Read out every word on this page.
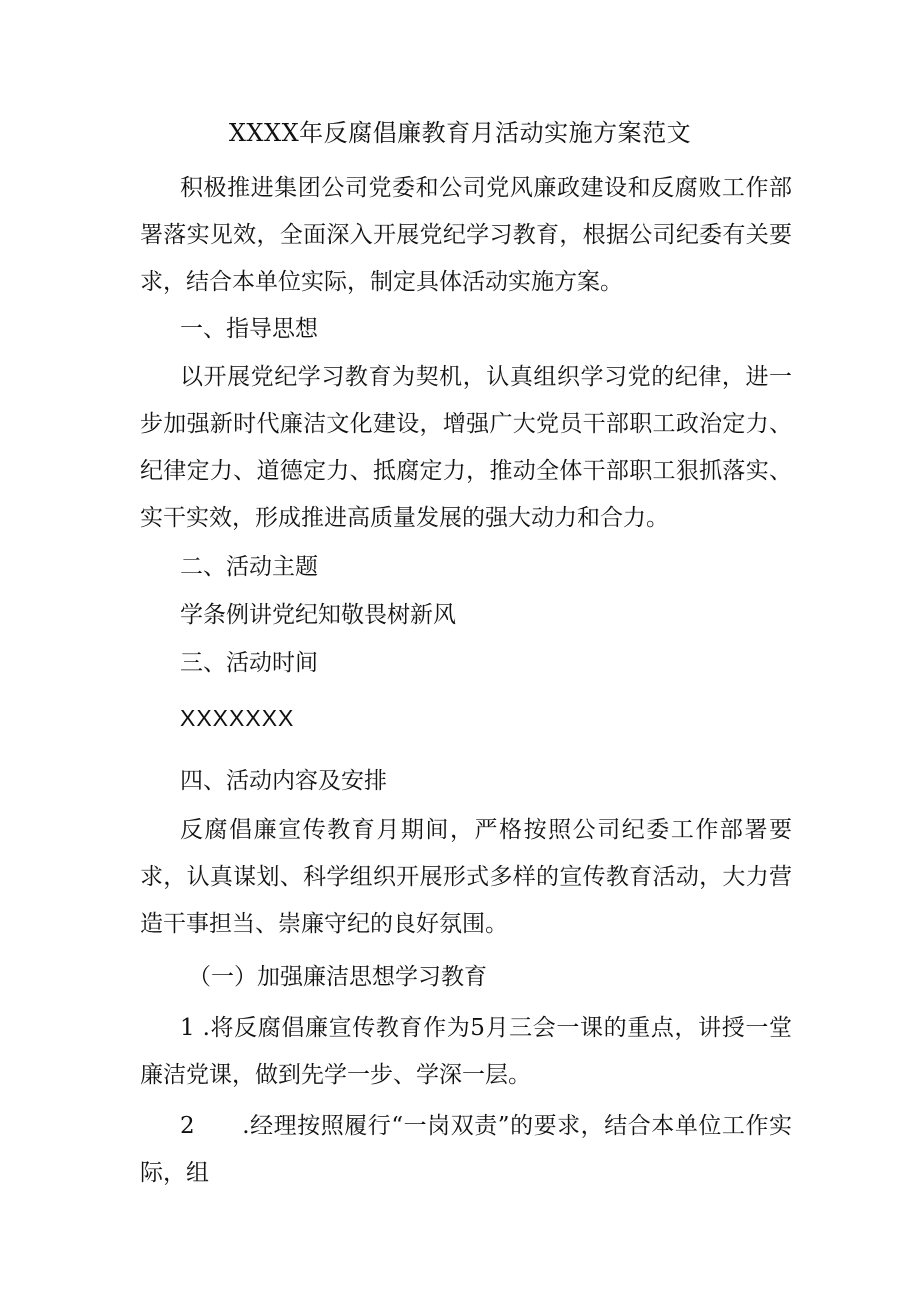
XXXX年反腐倡廉教育月活动实施方案范文

积极推进集团公司党委和公司党风廉政建设和反腐败工作部署落实见效，全面深入开展党纪学习教育，根据公司纪委有关要求，结合本单位实际，制定具体活动实施方案。

一、指导思想

以开展党纪学习教育为契机，认真组织学习党的纪律，进一步加强新时代廉洁文化建设，增强广大党员干部职工政治定力、纪律定力、道德定力、抵腐定力，推动全体干部职工狠抓落实、实干实效，形成推进高质量发展的强大动力和合力。

二、活动主题
学条例讲党纪知敬畏树新风
三、活动时间
XXXXXXX
四、活动内容及安排

反腐倡廉宣传教育月期间，严格按照公司纪委工作部署要求，认真谋划、科学组织开展形式多样的宣传教育活动，大力营造干事担当、崇廉守纪的良好氛围。

（一）加强廉洁思想学习教育

1 .将反腐倡廉宣传教育作为5月三会一课的重点，讲授一堂廉洁党课，做到先学一步、学深一层。

2　　.经理按照履行“一岗双责”的要求，结合本单位工作实际，组
